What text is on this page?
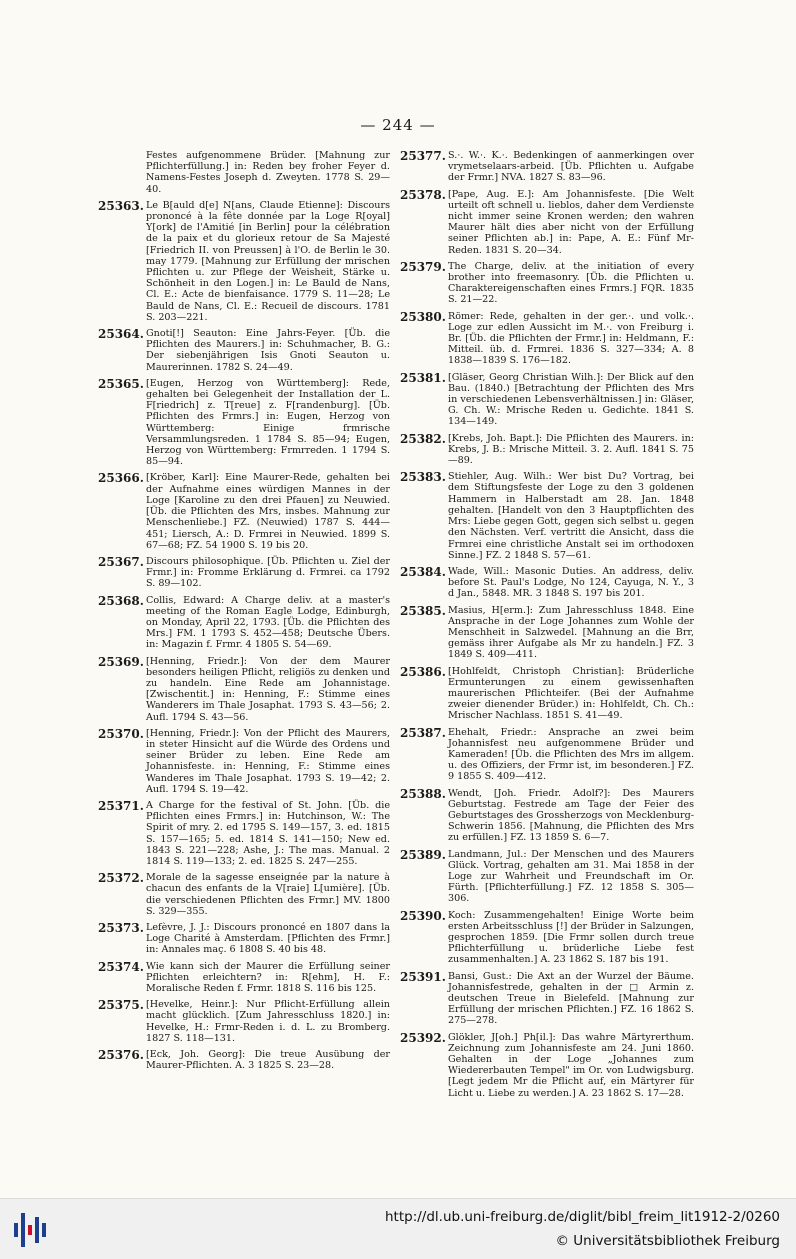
— 244 —
Festes aufgenommene Brüder. [Mahnung zur Pflichterfüllung.] in: Reden bey froher Feyer d. Namens-Festes Joseph d. Zweyten. 1778 S. 29—40.
25363. Le B[auld d[e] N[ans, Claude Etienne]: Discours prononcé à la fête donnée par la Loge R[oyal] Y[ork] de l'Amitié [in Berlin] pour la célébration de la paix et du glorieux retour de Sa Majesté [Friedrich II. von Preussen] à l'O. de Berlin le 30. may 1779. [Mahnung zur Erfüllung der mrischen Pflichten u. zur Pflege der Weisheit, Stärke u. Schönheit in den Logen.] in: Le Bauld de Nans, Cl. E.: Acte de bienfaisance. 1779 S. 11—28; Le Bauld de Nans, Cl. E.: Recueil de discours. 1781 S. 203—221.
25364. Gnoti[!] Seauton: Eine Jahrs-Feyer. [Üb. die Pflichten des Maurers.] in: Schuhmacher, B. G.: Der siebenjährigen Isis Gnoti Seauton u. Maurerinnen. 1782 S. 24—49.
25365. [Eugen, Herzog von Württemberg]: Rede, gehalten bei Gelegenheit der Installation der L. F[riedrich] z. T[reue] z. F[randenburg]. [Üb. Pflichten des Frmrs.] in: Eugen, Herzog von Württemberg: Einige frmrische Versammlungsreden. 1 1784 S. 85—94; Eugen, Herzog von Württemberg: Frmrreden. 1 1794 S. 85—94.
25366. [Kröber, Karl]: Eine Maurer-Rede, gehalten bei der Aufnahme eines würdigen Mannes in der Loge [Karoline zu den drei Pfauen] zu Neuwied. [Üb. die Pflichten des Mrs, insbes. Mahnung zur Menschenliebe.] FZ. (Neuwied) 1787 S. 444—451; Liersch, A.: D. Frmrei in Neuwied. 1899 S. 67—68; FZ. 54 1900 S. 19 bis 20.
25367. Discours philosophique. [Üb. Pflichten u. Ziel der Frmr.] in: Fromme Erklärung d. Frmrei. ca 1792 S. 89—102.
25368. Collis, Edward: A Charge deliv. at a master's meeting of the Roman Eagle Lodge, Edinburgh, on Monday, April 22, 1793. [Üb. die Pflichten des Mrs.] FM. 1 1793 S. 452—458; Deutsche Übers. in: Magazin f. Frmr. 4 1805 S. 54—69.
25369. [Henning, Friedr.]: Von der dem Maurer besonders heiligen Pflicht, religiös zu denken und zu handeln. Eine Rede am Johannistage. [Zwischentit.] in: Henning, F.: Stimme eines Wanderers im Thale Josaphat. 1793 S. 43—56; 2. Aufl. 1794 S. 43—56.
25370. [Henning, Friedr.]: Von der Pflicht des Maurers, in steter Hinsicht auf die Würde des Ordens und seiner Brüder zu leben. Eine Rede am Johannisfeste. in: Henning, F.: Stimme eines Wanderes im Thale Josaphat. 1793 S. 19—42; 2. Aufl. 1794 S. 19—42.
25371. A Charge for the festival of St. John. [Üb. die Pflichten eines Frmrs.] in: Hutchinson, W.: The Spirit of mry. 2. ed 1795 S. 149—157, 3. ed. 1815 S. 157—165; 5. ed. 1814 S. 141—150; New ed. 1843 S. 221—228; Ashe, J.: The mas. Manual. 2 1814 S. 119—133; 2. ed. 1825 S. 247—255.
25372. Morale de la sagesse enseignée par la nature à chacun des enfants de la V[raie] L[umière]. [Üb. die verschiedenen Pflichten des Frmr.] MV. 1800 S. 329—355.
25373. Lefèvre, J. J.: Discours prononcé en 1807 dans la Loge Charité à Amsterdam. [Pflichten des Frmr.] in: Annales maç. 6 1808 S. 40 bis 48.
25374. Wie kann sich der Maurer die Erfüllung seiner Pflichten erleichtern? in: R[ehm], H. F.: Moralische Reden f. Frmr. 1818 S. 116 bis 125.
25375. [Hevelke, Heinr.]: Nur Pflicht-Erfüllung allein macht glücklich. [Zum Jahresschluss 1820.] in: Hevelke, H.: Frmr-Reden i. d. L. zu Bromberg. 1827 S. 118—131.
25376. [Eck, Joh. Georg]: Die treue Ausübung der Maurer-Pflichten. A. 3 1825 S. 23—28.
25377. S.·. W.·. K.·. Bedenkingen of aanmerkingen over vrymetselaars-arbeid. [Üb. Pflichten u. Aufgabe der Frmr.] NVA. 1827 S. 83—96.
25378. [Pape, Aug. E.]: Am Johannisfeste. [Die Welt urteilt oft schnell u. lieblos, daher dem Verdienste nicht immer seine Kronen werden; den wahren Maurer hält dies aber nicht von der Erfüllung seiner Pflichten ab.] in: Pape, A. E.: Fünf Mr-Reden. 1831 S. 20—34.
25379. The Charge, deliv. at the initiation of every brother into freemasonry. [Üb. die Pflichten u. Charaktereigenschaften eines Frmrs.] FQR. 1835 S. 21—22.
25380. Römer: Rede, gehalten in der ger.·. und volk.·. Loge zur edlen Aussicht im M.·. von Freiburg i. Br. [Üb. die Pflichten der Frmr.] in: Heldmann, F.: Mitteil. üb. d. Frmrei. 1836 S. 327—334; A. 8 1838—1839 S. 176—182.
25381. [Gläser, Georg Christian Wilh.]: Der Blick auf den Bau. (1840.) [Betrachtung der Pflichten des Mrs in verschiedenen Lebensverhältnissen.] in: Gläser, G. Ch. W.: Mrische Reden u. Gedichte. 1841 S. 134—149.
25382. [Krebs, Joh. Bapt.]: Die Pflichten des Maurers. in: Krebs, J. B.: Mrische Mitteil. 3. 2. Aufl. 1841 S. 75—89.
25383. Stiehler, Aug. Wilh.: Wer bist Du? Vortrag, bei dem Stiftungsfeste der Loge zu den 3 goldenen Hammern in Halberstadt am 28. Jan. 1848 gehalten. [Handelt von den 3 Hauptpflichten des Mrs: Liebe gegen Gott, gegen sich selbst u. gegen den Nächsten. Verf. vertritt die Ansicht, dass die Frmrei eine christliche Anstalt sei im orthodoxen Sinne.] FZ. 2 1848 S. 57—61.
25384. Wade, Will.: Masonic Duties. An address, deliv. before St. Paul's Lodge, No 124, Cayuga, N. Y., 3 d Jan., 5848. MR. 3 1848 S. 197 bis 201.
25385. Masius, H[erm.]: Zum Jahresschluss 1848. Eine Ansprache in der Loge Johannes zum Wohle der Menschheit in Salzwedel. [Mahnung an die Brr, gemäss ihrer Aufgabe als Mr zu handeln.] FZ. 3 1849 S. 409—411.
25386. [Hohlfeldt, Christoph Christian]: Brüderliche Ermunterungen zu einem gewissenhaften maurerischen Pflichteifer. (Bei der Aufnahme zweier dienender Brüder.) in: Hohlfeldt, Ch. Ch.: Mrischer Nachlass. 1851 S. 41—49.
25387. Ehehalt, Friedr.: Ansprache an zwei beim Johannisfest neu aufgenommene Brüder und Kameraden! [Üb. die Pflichten des Mrs im allgem. u. des Offiziers, der Frmr ist, im besonderen.] FZ. 9 1855 S. 409—412.
25388. Wendt, [Joh. Friedr. Adolf?]: Des Maurers Geburtstag. Festrede am Tage der Feier des Geburtstages des Grossherzogs von Mecklenburg-Schwerin 1856. [Mahnung, die Pflichten des Mrs zu erfüllen.] FZ. 13 1859 S. 6—7.
25389. Landmann, Jul.: Der Menschen und des Maurers Glück. Vortrag, gehalten am 31. Mai 1858 in der Loge zur Wahrheit und Freundschaft im Or. Fürth. [Pflichterfüllung.] FZ. 12 1858 S. 305—306.
25390. Koch: Zusammengehalten! Einige Worte beim ersten Arbeitsschluss [!] der Brüder in Salzungen, gesprochen 1859. [Die Frmr sollen durch treue Pflichterfüllung u. brüderliche Liebe fest zusammenhalten.] A. 23 1862 S. 187 bis 191.
25391. Bansi, Gust.: Die Axt an der Wurzel der Bäume. Johannisfestrede, gehalten in der □ Armin z. deutschen Treue in Bielefeld. [Mahnung zur Erfüllung der mrischen Pflichten.] FZ. 16 1862 S. 275—278.
25392. Glökler, J[oh.] Ph[il.]: Das wahre Märtyrerthum. Zeichnung zum Johannisfeste am 24. Juni 1860. Gehalten in der Loge „Johannes zum Wiedererbauten Tempel" im Or. von Ludwigsburg. [Legt jedem Mr die Pflicht auf, ein Märtyrer für Licht u. Liebe zu werden.] A. 23 1862 S. 17—28.
http://dl.ub.uni-freiburg.de/diglit/bibl_freim_lit1912-2/0260
© Universitätsbibliothek Freiburg
